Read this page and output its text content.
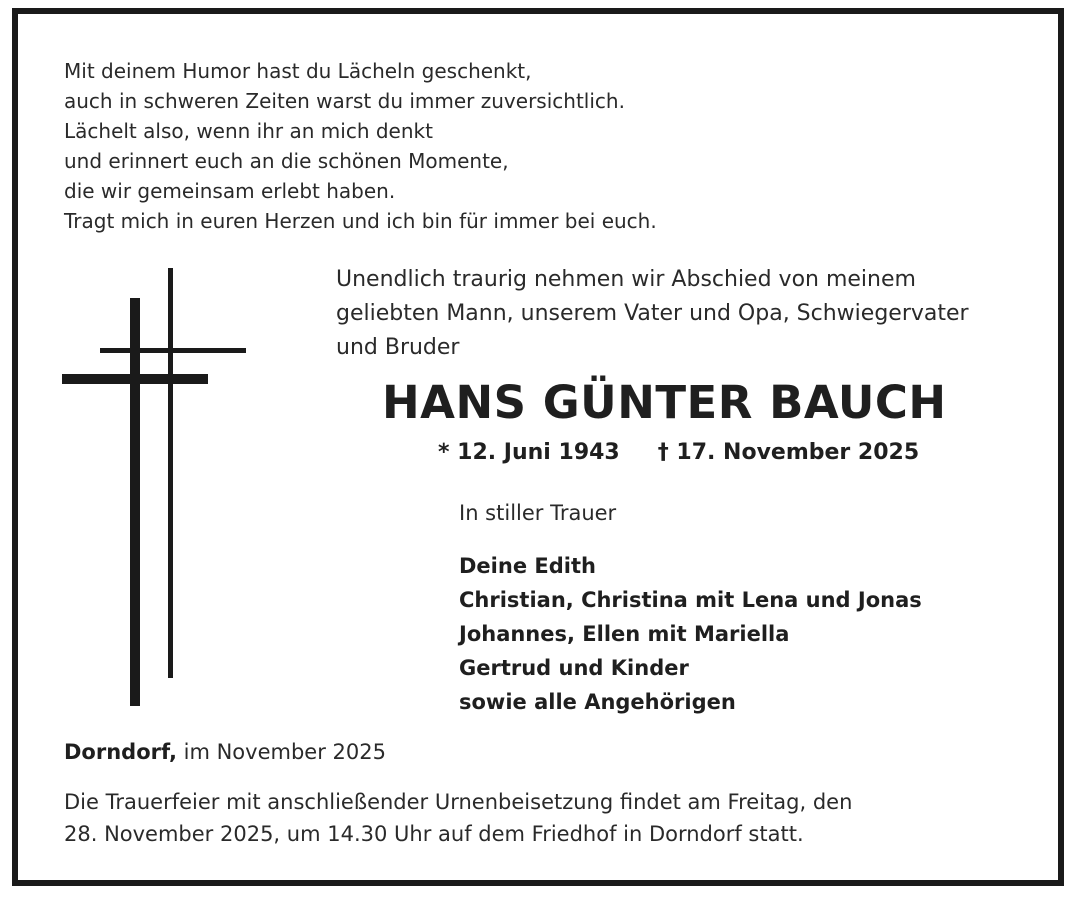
Mit deinem Humor hast du Lächeln geschenkt,
auch in schweren Zeiten warst du immer zuversichtlich.
Lächelt also, wenn ihr an mich denkt
und erinnert euch an die schönen Momente,
die wir gemeinsam erlebt haben.
Tragt mich in euren Herzen und ich bin für immer bei euch.
Unendlich traurig nehmen wir Abschied von meinem
geliebten Mann, unserem Vater und Opa, Schwiegervater
und Bruder
HANS GÜNTER BAUCH
* 12. Juni 1943 † 17. November 2025
In stiller Trauer
Deine Edith
Christian, Christina mit Lena und Jonas
Johannes, Ellen mit Mariella
Gertrud und Kinder
sowie alle Angehörigen
Dorndorf, im November 2025
Die Trauerfeier mit anschließender Urnenbeisetzung findet am Freitag, den
28. November 2025, um 14.30 Uhr auf dem Friedhof in Dorndorf statt.
